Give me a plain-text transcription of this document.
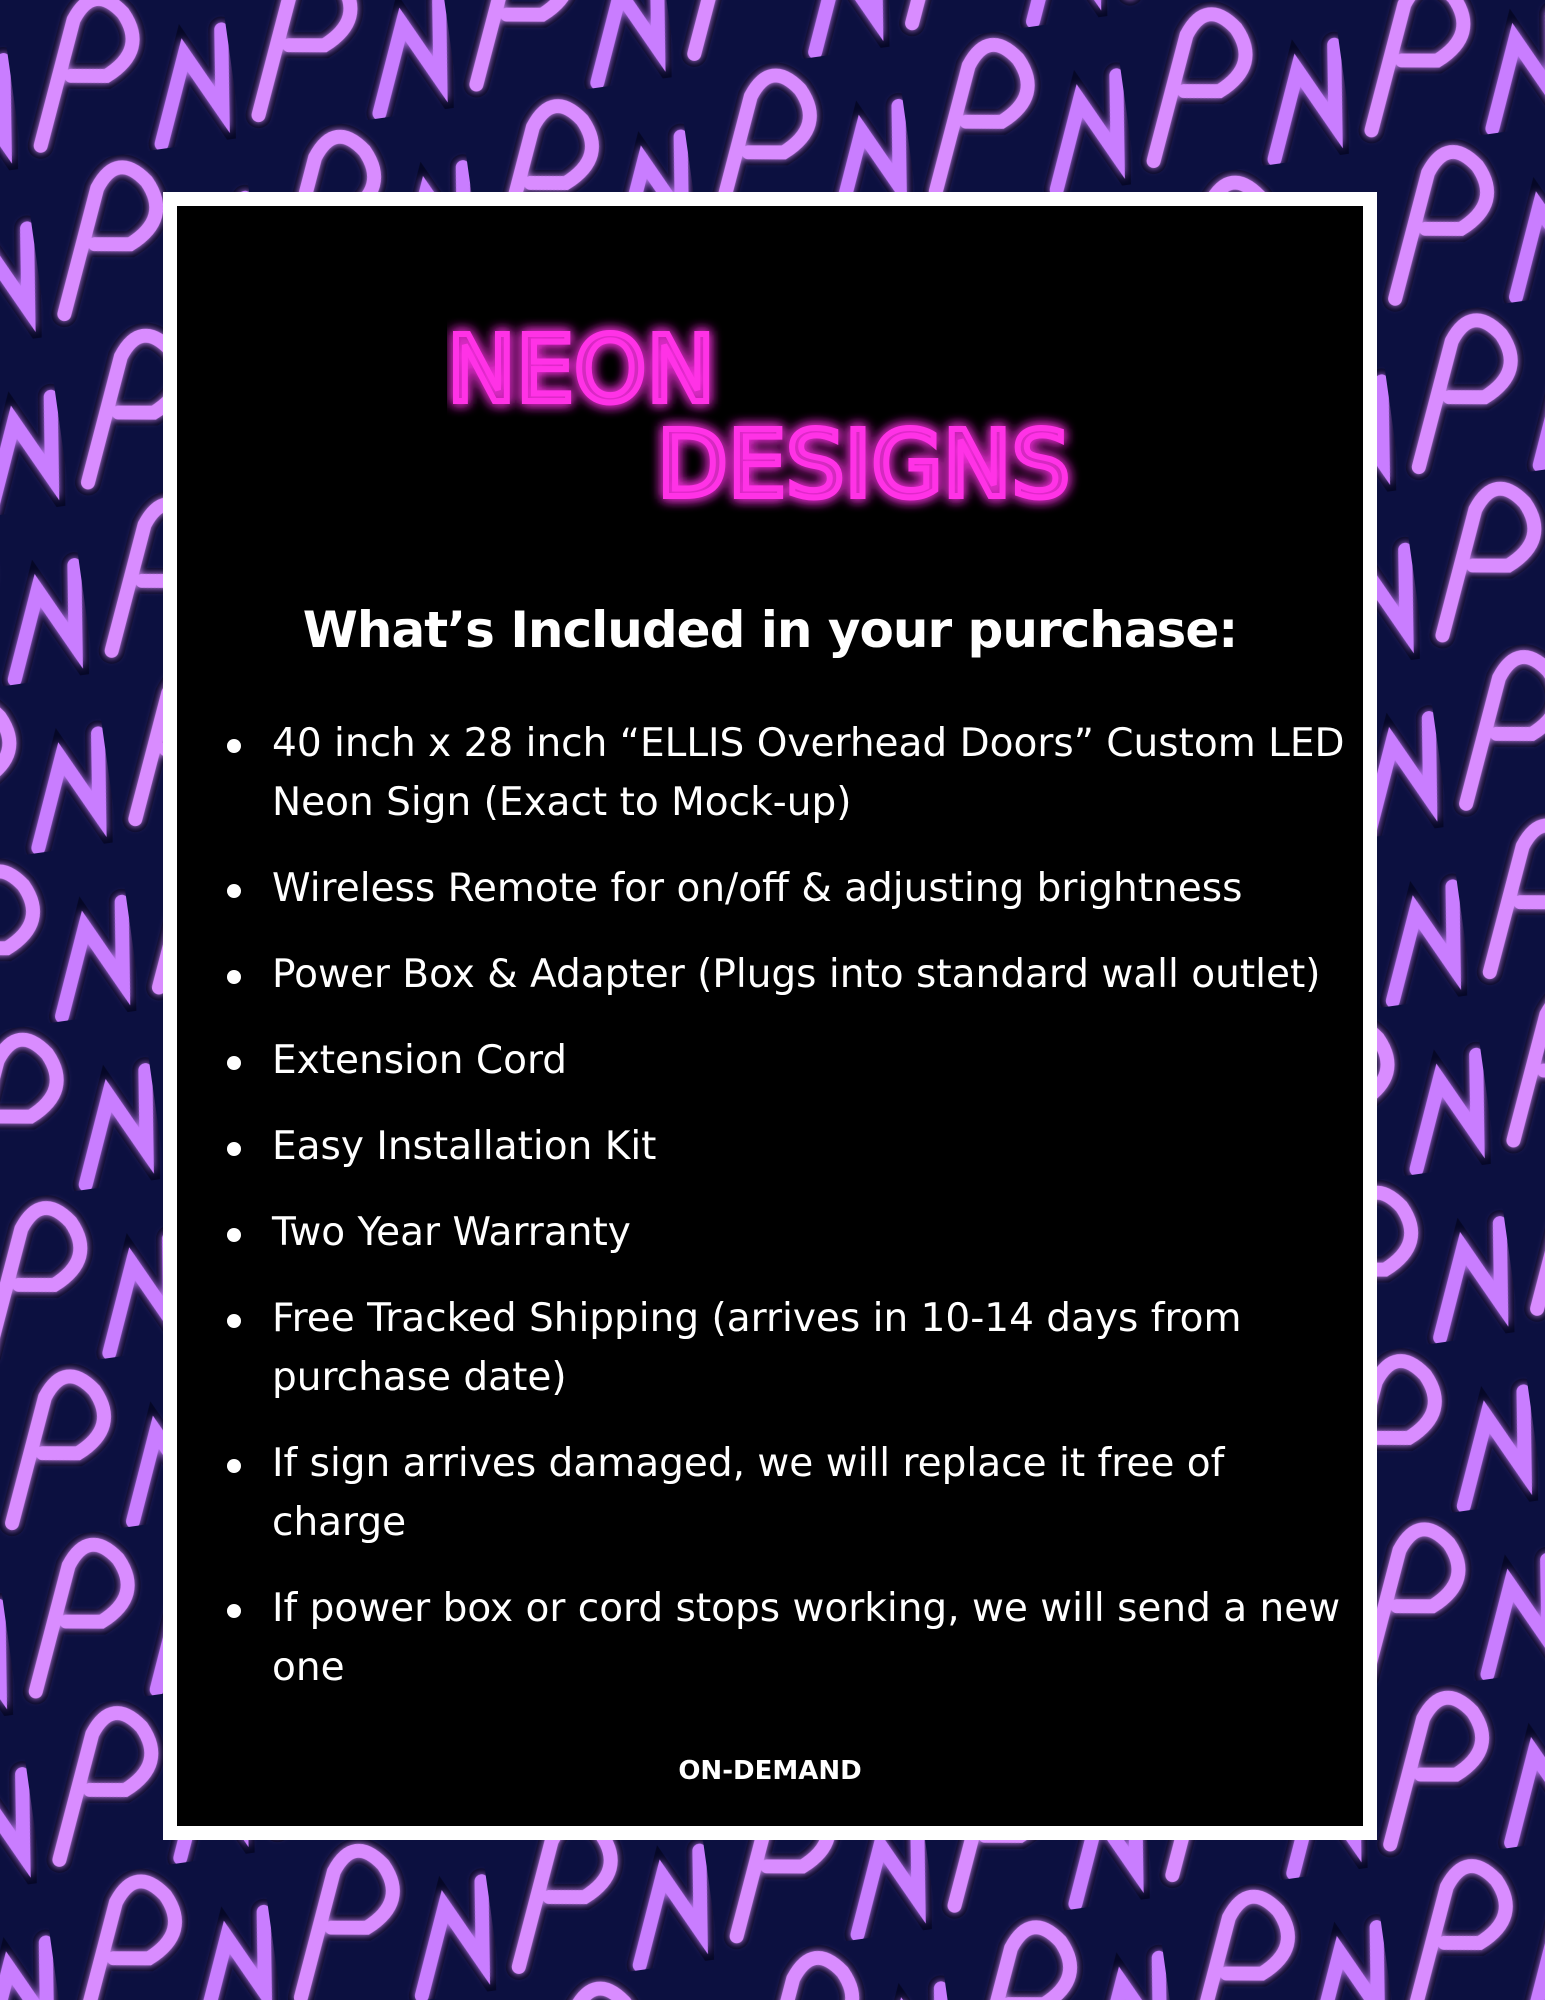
NEON
DESIGNS
What’s Included in your purchase:
40 inch x 28 inch “ELLIS Overhead Doors” Custom LED Neon Sign (Exact to Mock-up)
Wireless Remote for on/off & adjusting brightness
Power Box & Adapter (Plugs into standard wall outlet)
Extension Cord
Easy Installation Kit
Two Year Warranty
Free Tracked Shipping (arrives in 10-14 days from purchase date)
If sign arrives damaged, we will replace it free of charge
If power box or cord stops working, we will send a new one
ON-DEMAND
